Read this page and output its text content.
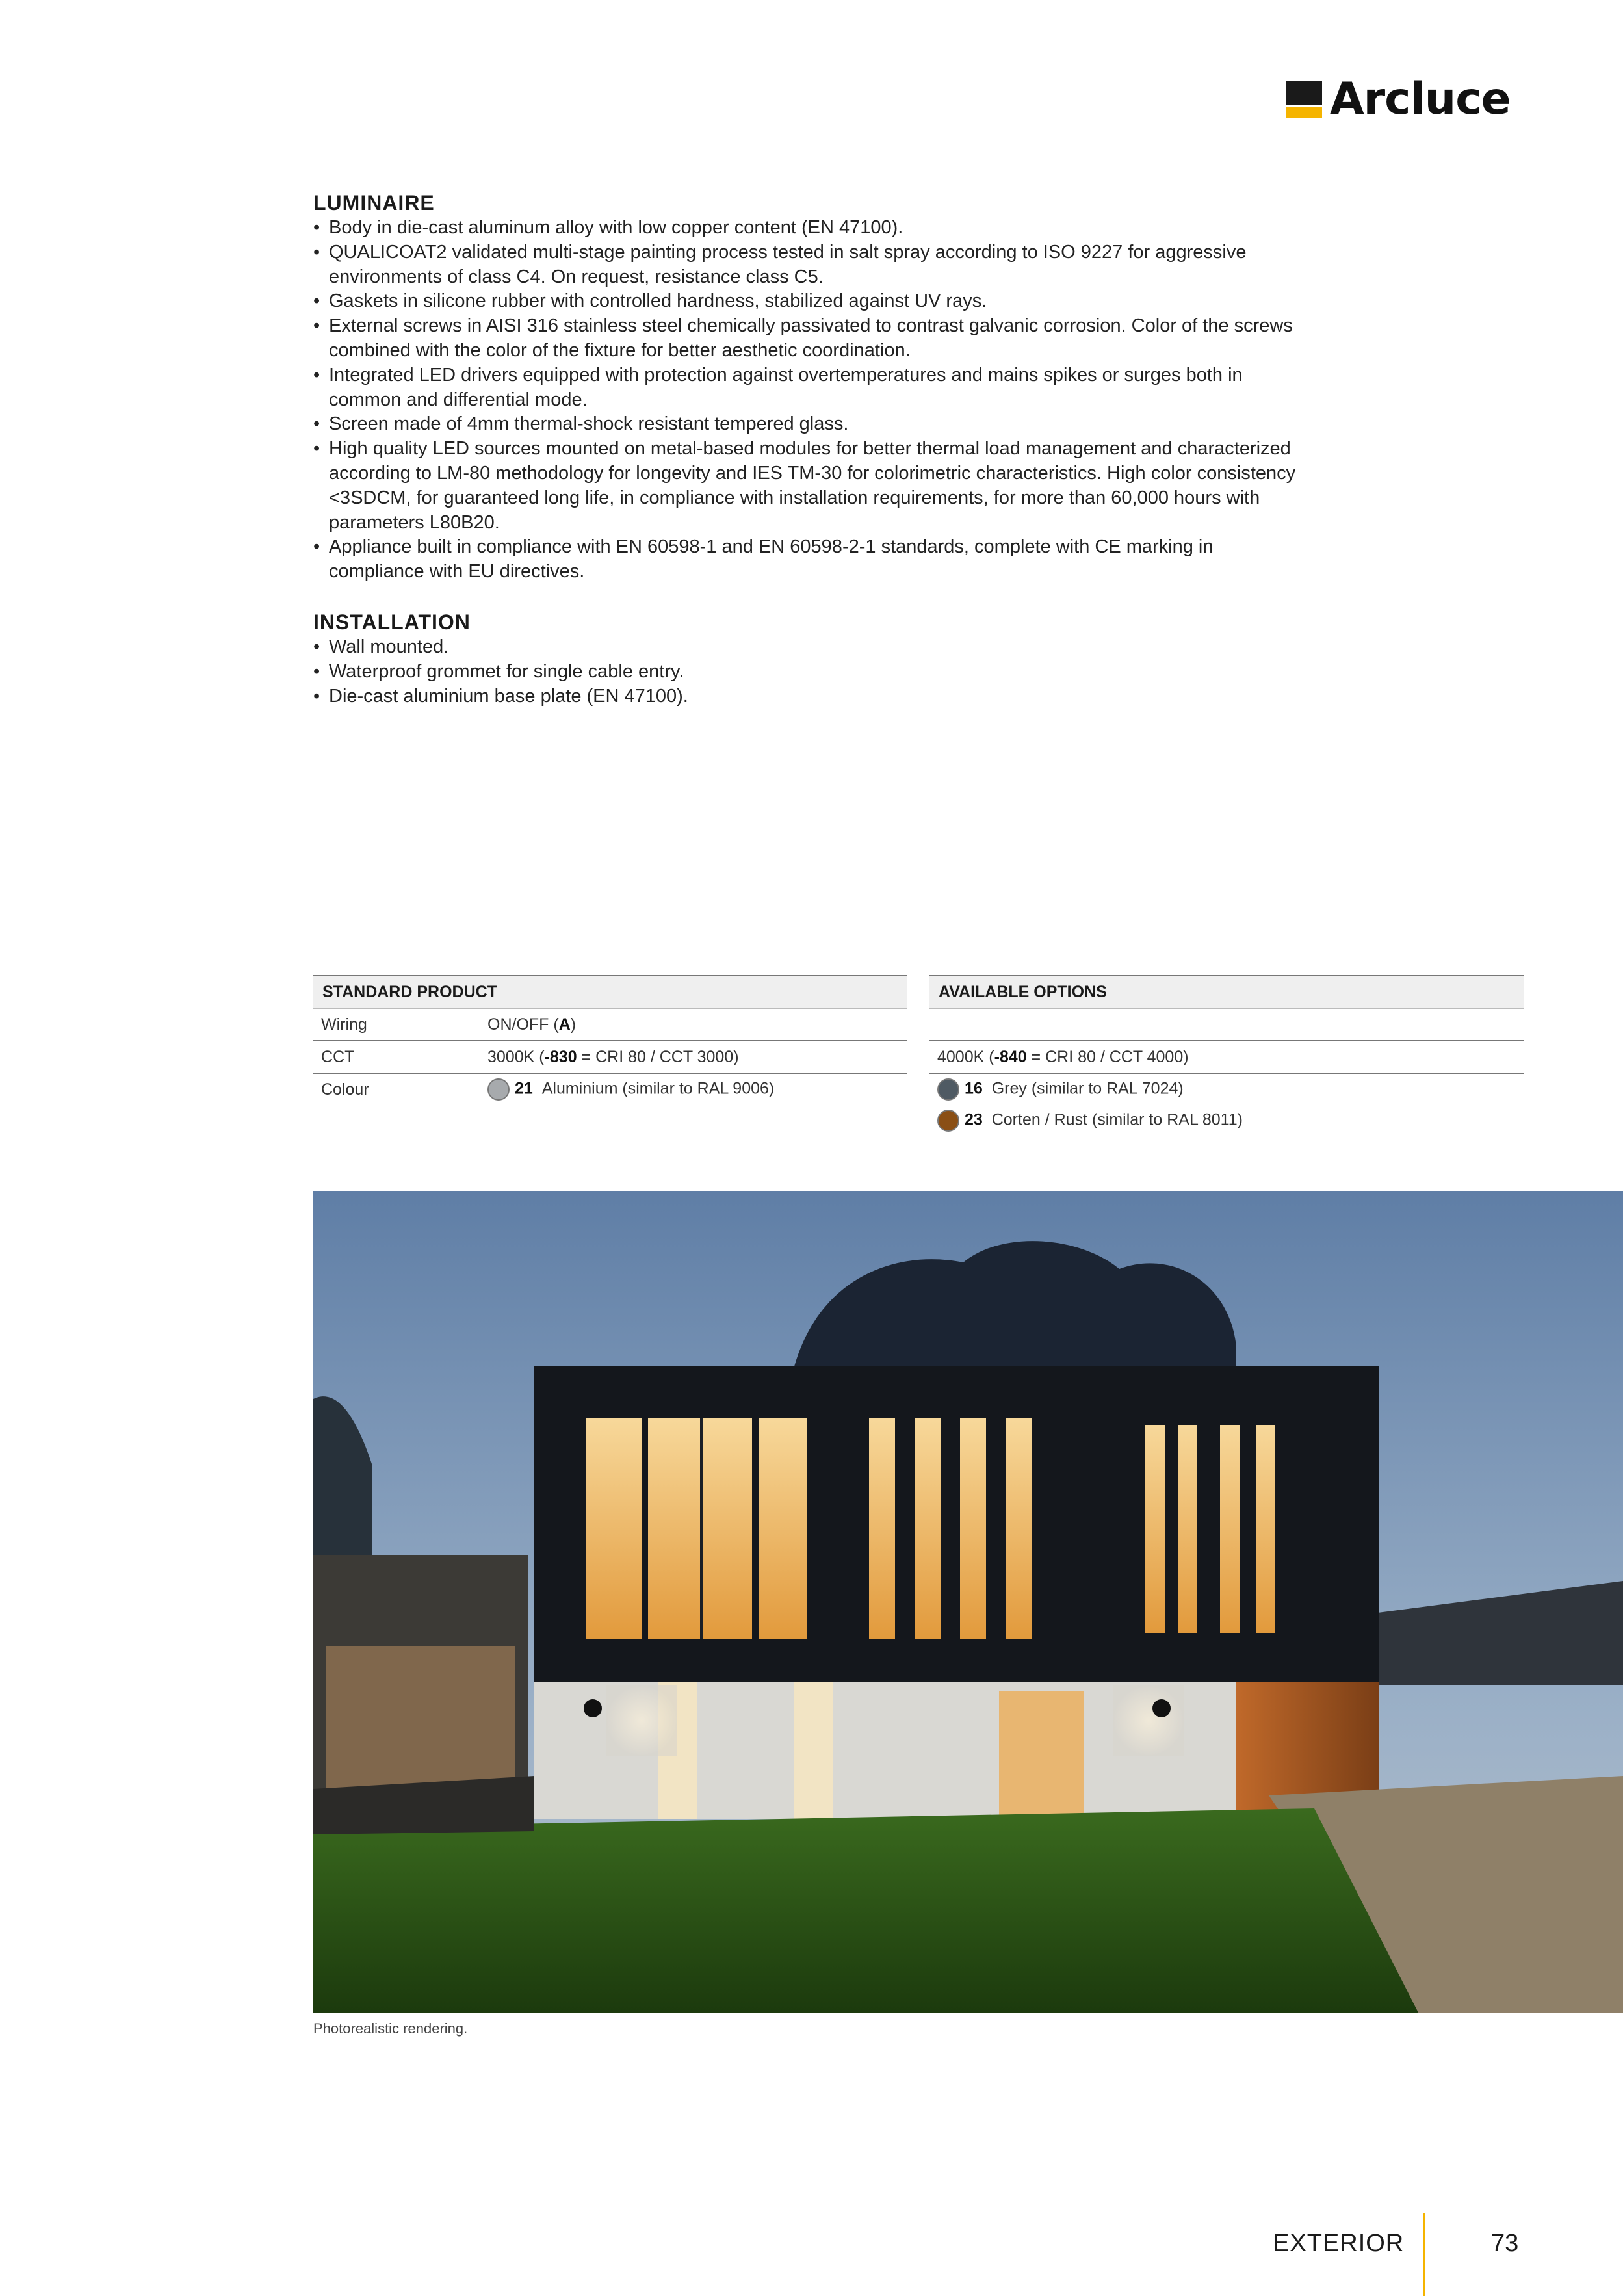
Arcluce
LUMINAIRE
• Body in die-cast aluminum alloy with low copper content (EN 47100).
• QUALICOAT2 validated multi-stage painting process tested in salt spray according to ISO 9227 for aggressive environments of class C4. On request, resistance class C5.
• Gaskets in silicone rubber with controlled hardness, stabilized against UV rays.
• External screws in AISI 316 stainless steel chemically passivated to contrast galvanic corrosion. Color of the screws combined with the color of the fixture for better aesthetic coordination.
• Integrated LED drivers equipped with protection against overtemperatures and mains spikes or surges both in common and differential mode.
• Screen made of 4mm thermal-shock resistant tempered glass.
• High quality LED sources mounted on metal-based modules for better thermal load management and characterized according to LM-80 methodology for longevity and IES TM-30 for colorimetric characteristics. High color consistency <3SDCM, for guaranteed long life, in compliance with installation requirements, for more than 60,000 hours with parameters L80B20.
• Appliance built in compliance with EN 60598-1 and EN 60598-2-1 standards, complete with CE marking in compliance with EU directives.
INSTALLATION
• Wall mounted.
• Waterproof grommet for single cable entry.
• Die-cast aluminium base plate (EN 47100).
STANDARD PRODUCT
Wiring	ON/OFF (A)
CCT	3000K (-830 = CRI 80 / CCT 3000)
Colour	21 Aluminium (similar to RAL 9006)
AVAILABLE OPTIONS
4000K (-840 = CRI 80 / CCT 4000)
16 Grey (similar to RAL 7024)
23 Corten / Rust (similar to RAL 8011)
Photorealistic rendering.
EXTERIOR	73
